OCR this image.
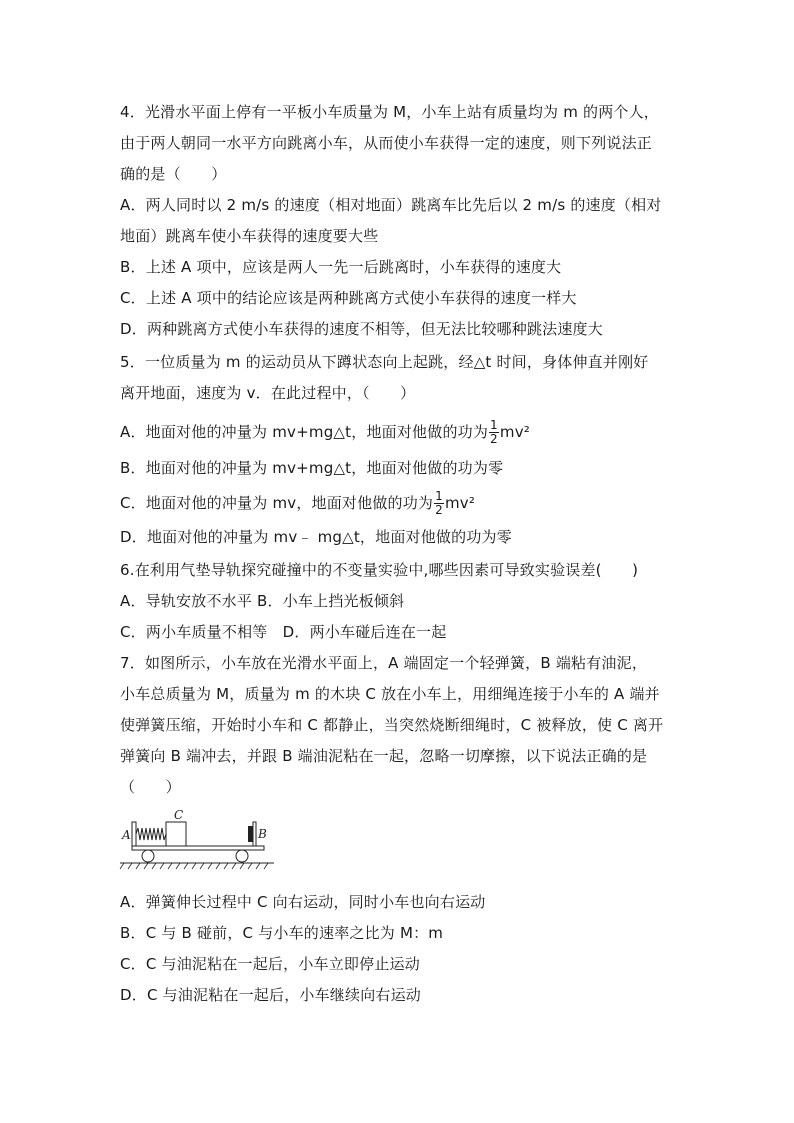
4．光滑水平面上停有一平板小车质量为 M，小车上站有质量均为 m 的两个人，
由于两人朝同一水平方向跳离小车，从而使小车获得一定的速度，则下列说法正
确的是（　　）
A．两人同时以 2 m/s 的速度（相对地面）跳离车比先后以 2 m/s 的速度（相对
地面）跳离车使小车获得的速度要大些
B．上述 A 项中，应该是两人一先一后跳离时，小车获得的速度大
C．上述 A 项中的结论应该是两种跳离方式使小车获得的速度一样大
D．两种跳离方式使小车获得的速度不相等，但无法比较哪种跳法速度大
5．一位质量为 m 的运动员从下蹲状态向上起跳，经△t 时间，身体伸直并刚好
离开地面，速度为 v．在此过程中，（　　）
A．地面对他的冲量为 mv+mg△t，地面对他做的功为 $\frac{1}{2} mv^2$
B．地面对他的冲量为 mv+mg△t，地面对他做的功为零
C．地面对他的冲量为 mv，地面对他做的功为 $\frac{1}{2} mv^2$
D．地面对他的冲量为 mv﹣ mg△t，地面对他做的功为零
6.在利用气垫导轨探究碰撞中的不变量实验中,哪些因素可导致实验误差(　　)
A．导轨安放不水平 B．小车上挡光板倾斜
C．两小车质量不相等　D．两小车碰后连在一起
7．如图所示，小车放在光滑水平面上，A 端固定一个轻弹簧，B 端粘有油泥，
小车总质量为 M，质量为 m 的木块 C 放在小车上，用细绳连接于小车的 A 端并
使弹簧压缩，开始时小车和 C 都静止，当突然烧断细绳时，C 被释放，使 C 离开
弹簧向 B 端冲去，并跟 B 端油泥粘在一起，忽略一切摩擦，以下说法正确的是
（　　）
A
C
B
A．弹簧伸长过程中 C 向右运动，同时小车也向右运动
B．C 与 B 碰前，C 与小车的速率之比为 M：m
C．C 与油泥粘在一起后，小车立即停止运动
D．C 与油泥粘在一起后，小车继续向右运动
